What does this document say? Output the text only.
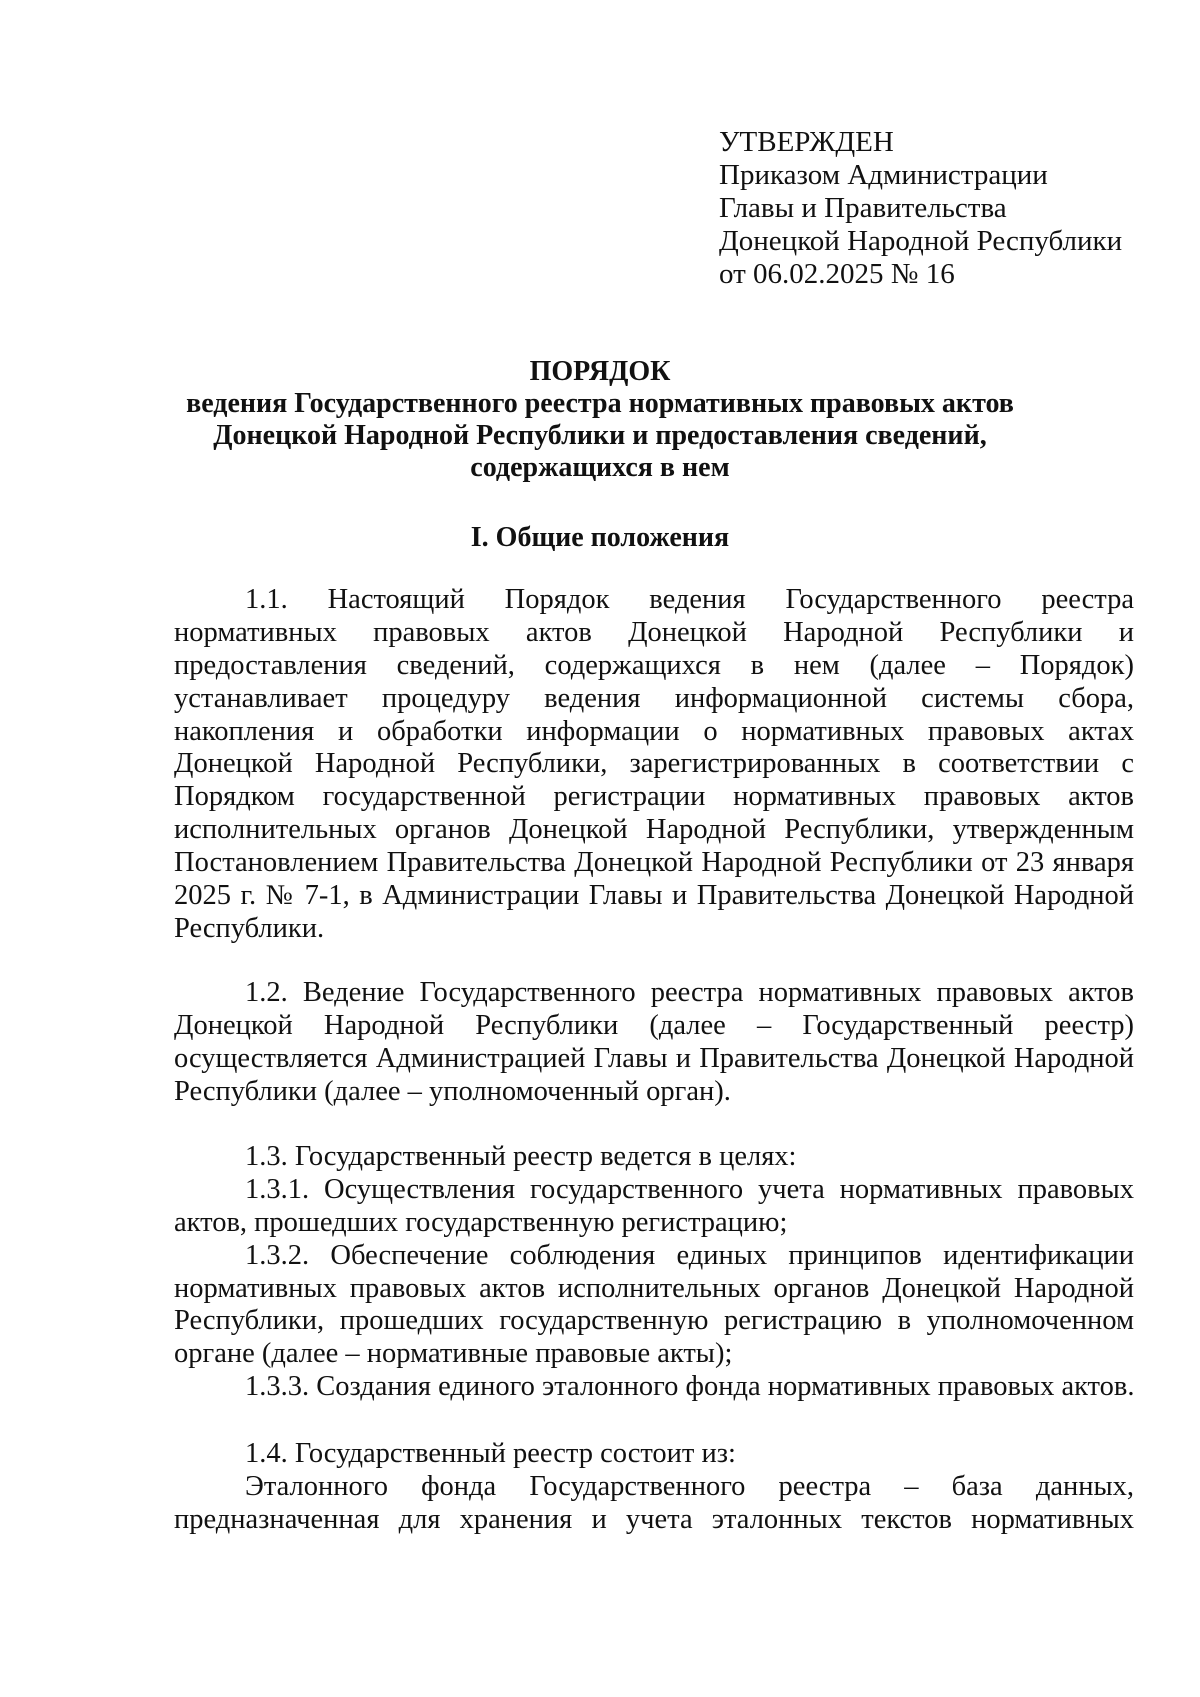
УТВЕРЖДЕН
Приказом Администрации
Главы и Правительства
Донецкой Народной Республики
от 06.02.2025 № 16
ПОРЯДОК
ведения Государственного реестра нормативных правовых актов
Донецкой Народной Республики и предоставления сведений,
содержащихся в нем
I. Общие положения
1.1. Настоящий Порядок ведения Государственного реестра
нормативных правовых актов Донецкой Народной Республики и
предоставления сведений, содержащихся в нем (далее – Порядок)
устанавливает процедуру ведения информационной системы сбора,
накопления и обработки информации о нормативных правовых актах
Донецкой Народной Республики, зарегистрированных в соответствии с
Порядком государственной регистрации нормативных правовых актов
исполнительных органов Донецкой Народной Республики, утвержденным
Постановлением Правительства Донецкой Народной Республики от 23 января
2025 г. № 7-1, в Администрации Главы и Правительства Донецкой Народной
Республики.
1.2. Ведение Государственного реестра нормативных правовых актов
Донецкой Народной Республики (далее – Государственный реестр)
осуществляется Администрацией Главы и Правительства Донецкой Народной
Республики (далее – уполномоченный орган).
1.3. Государственный реестр ведется в целях:
1.3.1. Осуществления государственного учета нормативных правовых
актов, прошедших государственную регистрацию;
1.3.2. Обеспечение соблюдения единых принципов идентификации
нормативных правовых актов исполнительных органов Донецкой Народной
Республики, прошедших государственную регистрацию в уполномоченном
органе (далее – нормативные правовые акты);
1.3.3. Создания единого эталонного фонда нормативных правовых актов.
1.4. Государственный реестр состоит из:
Эталонного фонда Государственного реестра – база данных,
предназначенная для хранения и учета эталонных текстов нормативных
